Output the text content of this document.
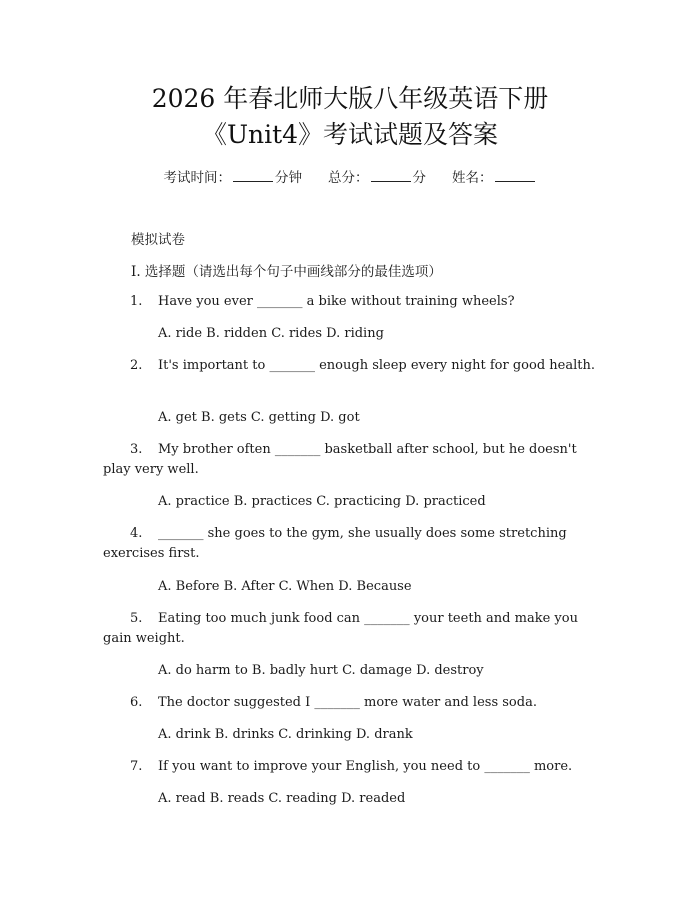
2026 年春北师大版八年级英语下册
《Unit4》考试试题及答案
考试时间：	分钟 总分：	分 姓名：
模拟试卷
I. 选择题（请选出每个句子中画线部分的最佳选项）
1. Have you ever _______ a bike without training wheels?
A. ride B. ridden C. rides D. riding
2. It's important to _______ enough sleep every night for good health.
A. get B. gets C. getting D. got
3. My brother often _______ basketball after school, but he doesn't play very well.
A. practice B. practices C. practicing D. practiced
4. _______ she goes to the gym, she usually does some stretching exercises first.
A. Before B. After C. When D. Because
5. Eating too much junk food can _______ your teeth and make you gain weight.
A. do harm to B. badly hurt C. damage D. destroy
6. The doctor suggested I _______ more water and less soda.
A. drink B. drinks C. drinking D. drank
7. If you want to improve your English, you need to _______ more.
A. read B. reads C. reading D. readed
